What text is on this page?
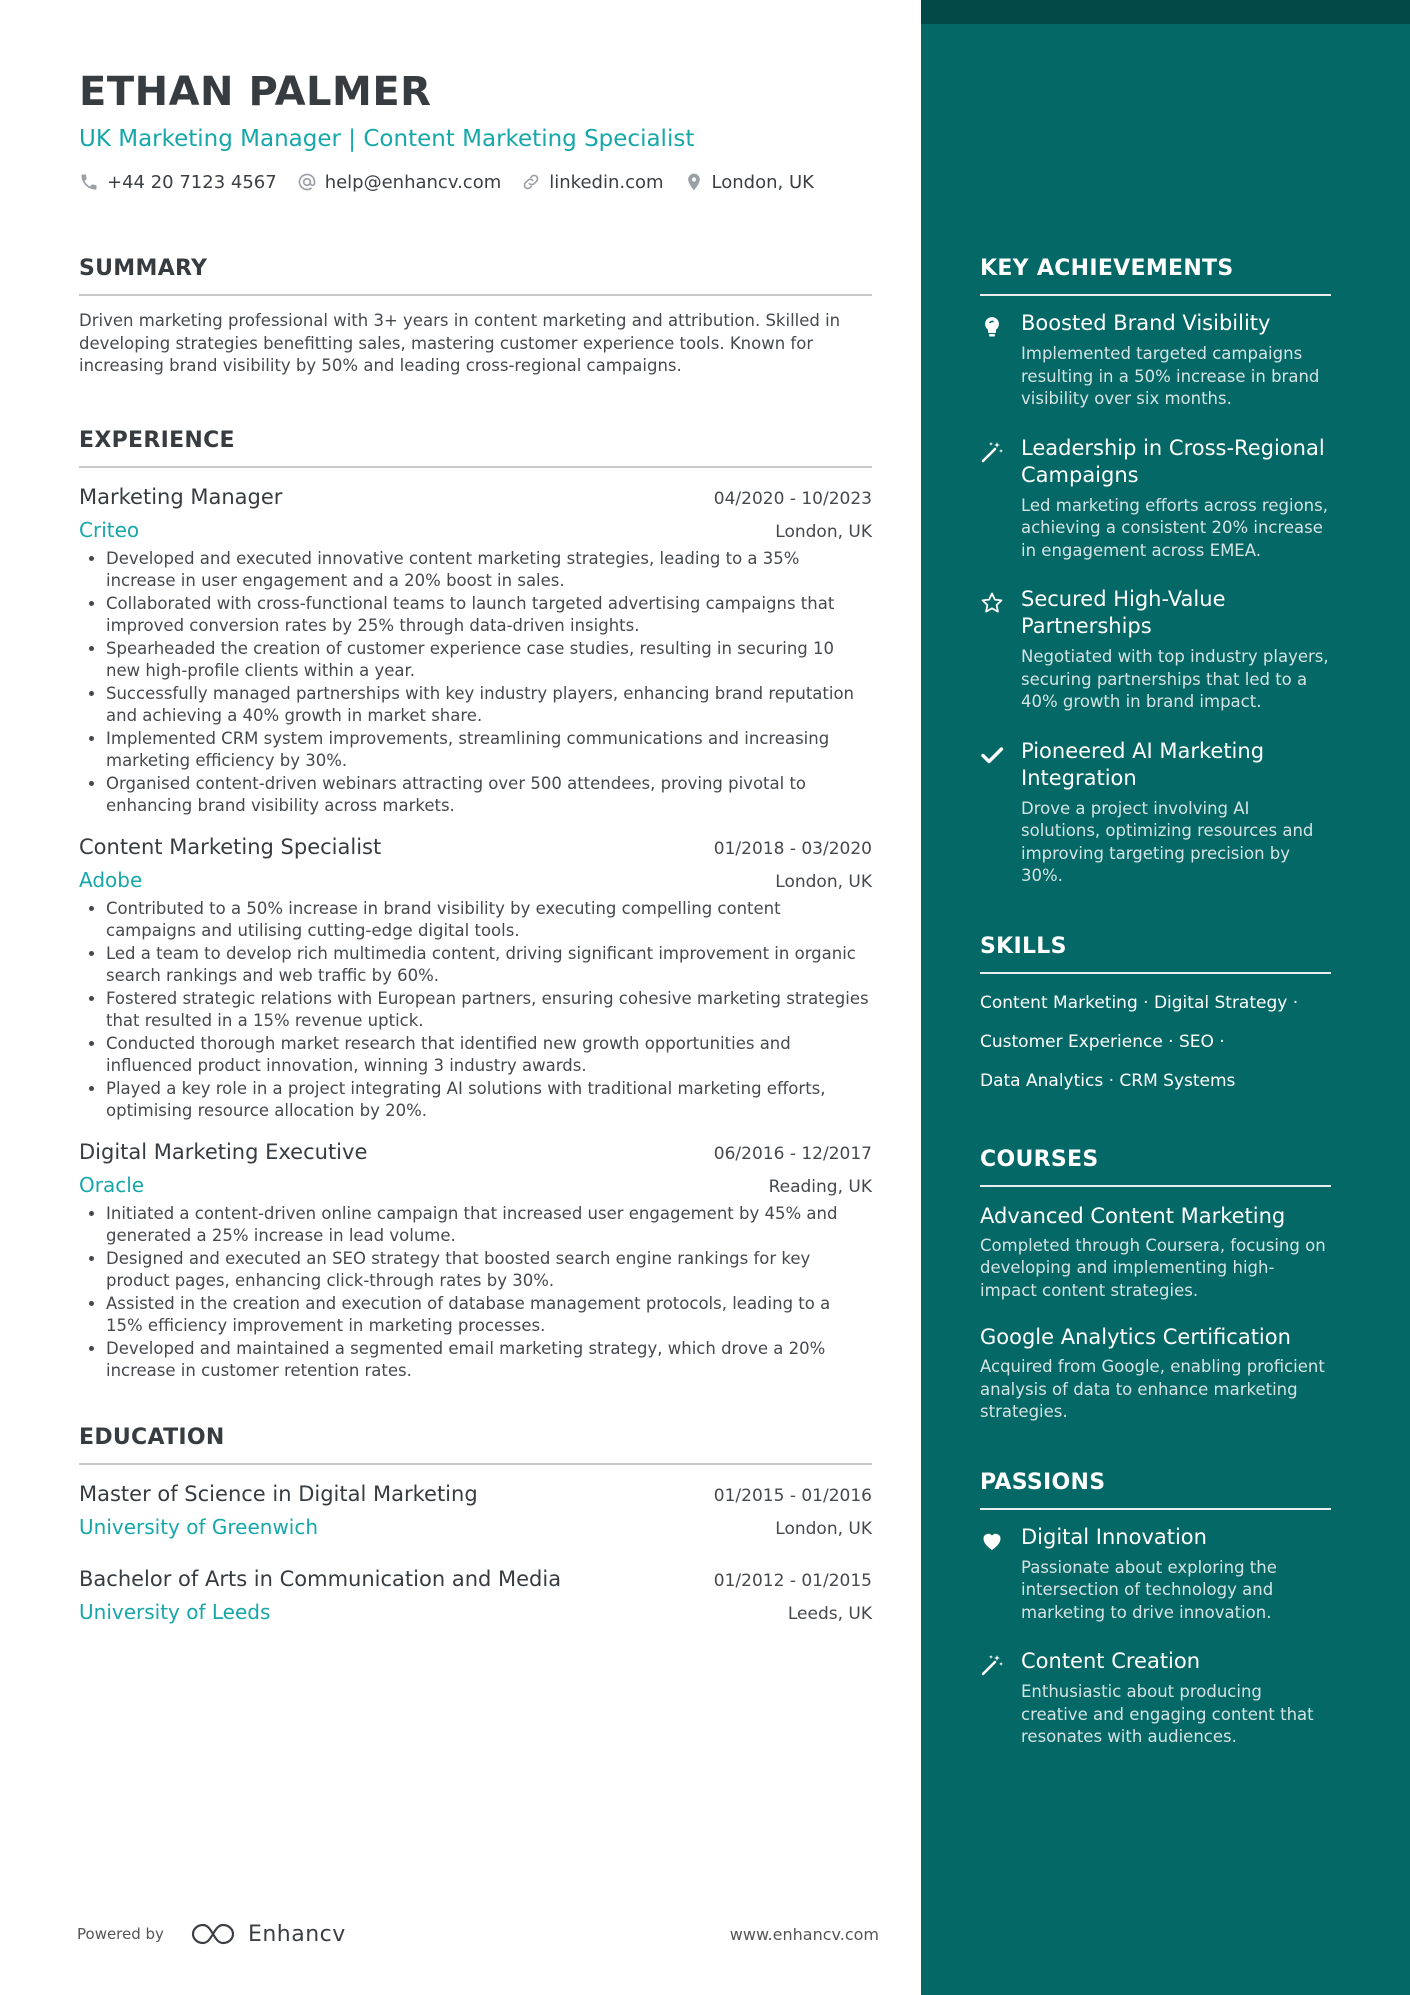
ETHAN PALMER
UK Marketing Manager | Content Marketing Specialist
+44 20 7123 4567	help@enhancv.com	linkedin.com	London, UK
SUMMARY
Driven marketing professional with 3+ years in content marketing and attribution. Skilled in developing strategies benefitting sales, mastering customer experience tools. Known for increasing brand visibility by 50% and leading cross-regional campaigns.
EXPERIENCE
Marketing Manager	04/2020 - 10/2023
Criteo	London, UK
• Developed and executed innovative content marketing strategies, leading to a 35% increase in user engagement and a 20% boost in sales.
• Collaborated with cross-functional teams to launch targeted advertising campaigns that improved conversion rates by 25% through data-driven insights.
• Spearheaded the creation of customer experience case studies, resulting in securing 10 new high-profile clients within a year.
• Successfully managed partnerships with key industry players, enhancing brand reputation and achieving a 40% growth in market share.
• Implemented CRM system improvements, streamlining communications and increasing marketing efficiency by 30%.
• Organised content-driven webinars attracting over 500 attendees, proving pivotal to enhancing brand visibility across markets.
Content Marketing Specialist	01/2018 - 03/2020
Adobe	London, UK
• Contributed to a 50% increase in brand visibility by executing compelling content campaigns and utilising cutting-edge digital tools.
• Led a team to develop rich multimedia content, driving significant improvement in organic search rankings and web traffic by 60%.
• Fostered strategic relations with European partners, ensuring cohesive marketing strategies that resulted in a 15% revenue uptick.
• Conducted thorough market research that identified new growth opportunities and influenced product innovation, winning 3 industry awards.
• Played a key role in a project integrating AI solutions with traditional marketing efforts, optimising resource allocation by 20%.
Digital Marketing Executive	06/2016 - 12/2017
Oracle	Reading, UK
• Initiated a content-driven online campaign that increased user engagement by 45% and generated a 25% increase in lead volume.
• Designed and executed an SEO strategy that boosted search engine rankings for key product pages, enhancing click-through rates by 30%.
• Assisted in the creation and execution of database management protocols, leading to a 15% efficiency improvement in marketing processes.
• Developed and maintained a segmented email marketing strategy, which drove a 20% increase in customer retention rates.
EDUCATION
Master of Science in Digital Marketing	01/2015 - 01/2016
University of Greenwich	London, UK
Bachelor of Arts in Communication and Media	01/2012 - 01/2015
University of Leeds	Leeds, UK
Powered by	Enhancv	www.enhancv.com
KEY ACHIEVEMENTS
Boosted Brand Visibility
Implemented targeted campaigns resulting in a 50% increase in brand visibility over six months.
Leadership in Cross-Regional Campaigns
Led marketing efforts across regions, achieving a consistent 20% increase in engagement across EMEA.
Secured High-Value Partnerships
Negotiated with top industry players, securing partnerships that led to a 40% growth in brand impact.
Pioneered AI Marketing Integration
Drove a project involving AI solutions, optimizing resources and improving targeting precision by 30%.
SKILLS
Content Marketing · Digital Strategy ·
Customer Experience · SEO ·
Data Analytics · CRM Systems
COURSES
Advanced Content Marketing
Completed through Coursera, focusing on developing and implementing high-impact content strategies.
Google Analytics Certification
Acquired from Google, enabling proficient analysis of data to enhance marketing strategies.
PASSIONS
Digital Innovation
Passionate about exploring the intersection of technology and marketing to drive innovation.
Content Creation
Enthusiastic about producing creative and engaging content that resonates with audiences.
